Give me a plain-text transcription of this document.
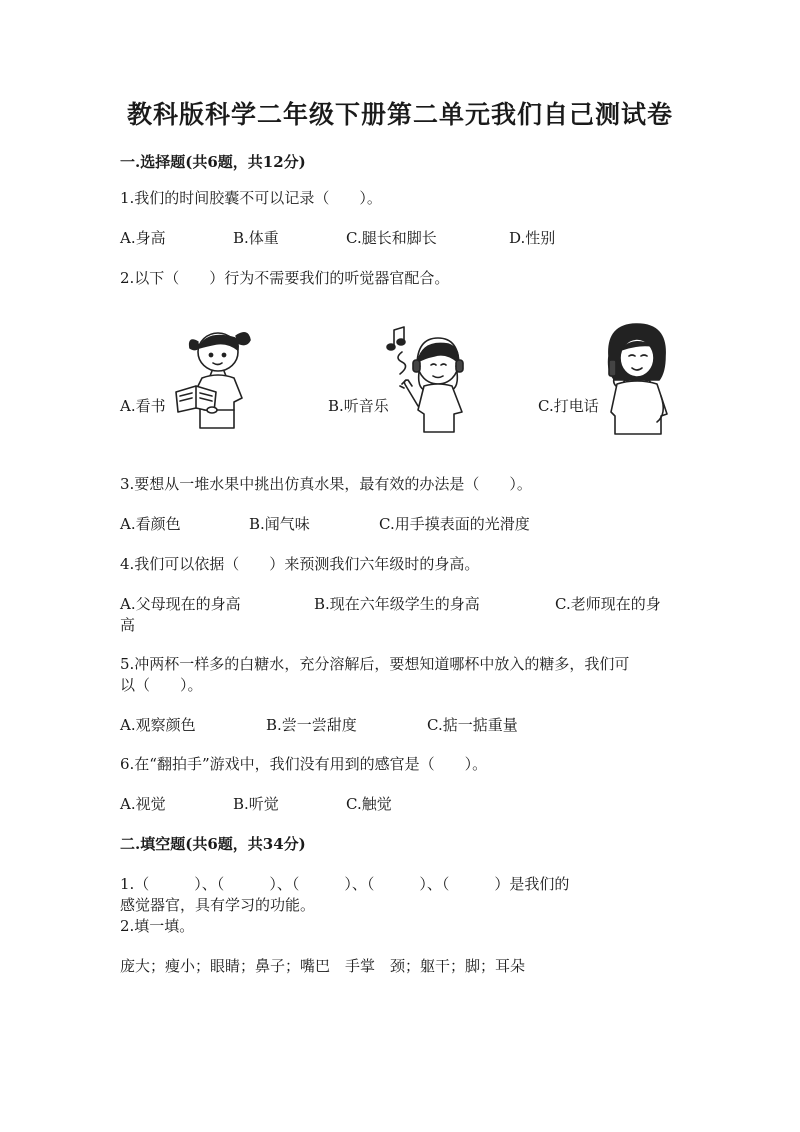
教科版科学二年级下册第二单元我们自己测试卷
一.选择题(共6题，共12分)
1.我们的时间胶囊不可以记录（　　）。
A.身高	B.体重	C.腿长和脚长	D.性别
2.以下（　　）行为不需要我们的听觉器官配合。
A.看书	B.听音乐	C.打电话
3.要想从一堆水果中挑出仿真水果，最有效的办法是（　　）。
A.看颜色	B.闻气味	C.用手摸表面的光滑度
4.我们可以依据（　　）来预测我们六年级时的身高。
A.父母现在的身高	B.现在六年级学生的身高	C.老师现在的身
高
5.冲两杯一样多的白糖水，充分溶解后，要想知道哪杯中放入的糖多，我们可
以（　　）。
A.观察颜色	B.尝一尝甜度	C.掂一掂重量
6.在“翻拍手”游戏中，我们没有用到的感官是（　　）。
A.视觉	B.听觉	C.触觉
二.填空题(共6题，共34分)
1.（　　　）、（　　　）、（　　　）、（　　　）、（　　　）是我们的
感觉器官，具有学习的功能。
2.填一填。
庞大；瘦小；眼睛；鼻子；嘴巴　手掌　颈；躯干；脚；耳朵
